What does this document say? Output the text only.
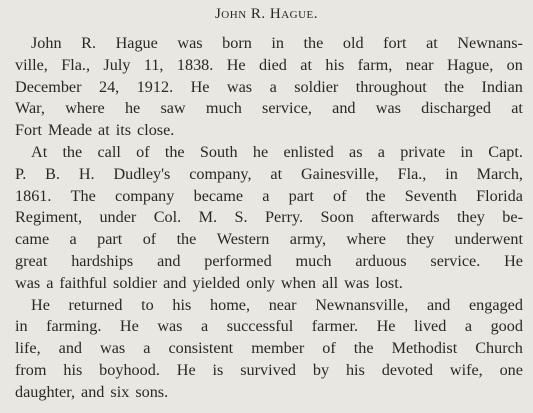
John R. Hague.
John R. Hague was born in the old fort at Newnans-
ville, Fla., July 11, 1838. He died at his farm, near Hague, on
December 24, 1912. He was a soldier throughout the Indian
War, where he saw much service, and was discharged at
Fort Meade at its close.
At the call of the South he enlisted as a private in Capt.
P. B. H. Dudley's company, at Gainesville, Fla., in March,
1861. The company became a part of the Seventh Florida
Regiment, under Col. M. S. Perry. Soon afterwards they be-
came a part of the Western army, where they underwent
great hardships and performed much arduous service. He
was a faithful soldier and yielded only when all was lost.
He returned to his home, near Newnansville, and engaged
in farming. He was a successful farmer. He lived a good
life, and was a consistent member of the Methodist Church
from his boyhood. He is survived by his devoted wife, one
daughter, and six sons.
